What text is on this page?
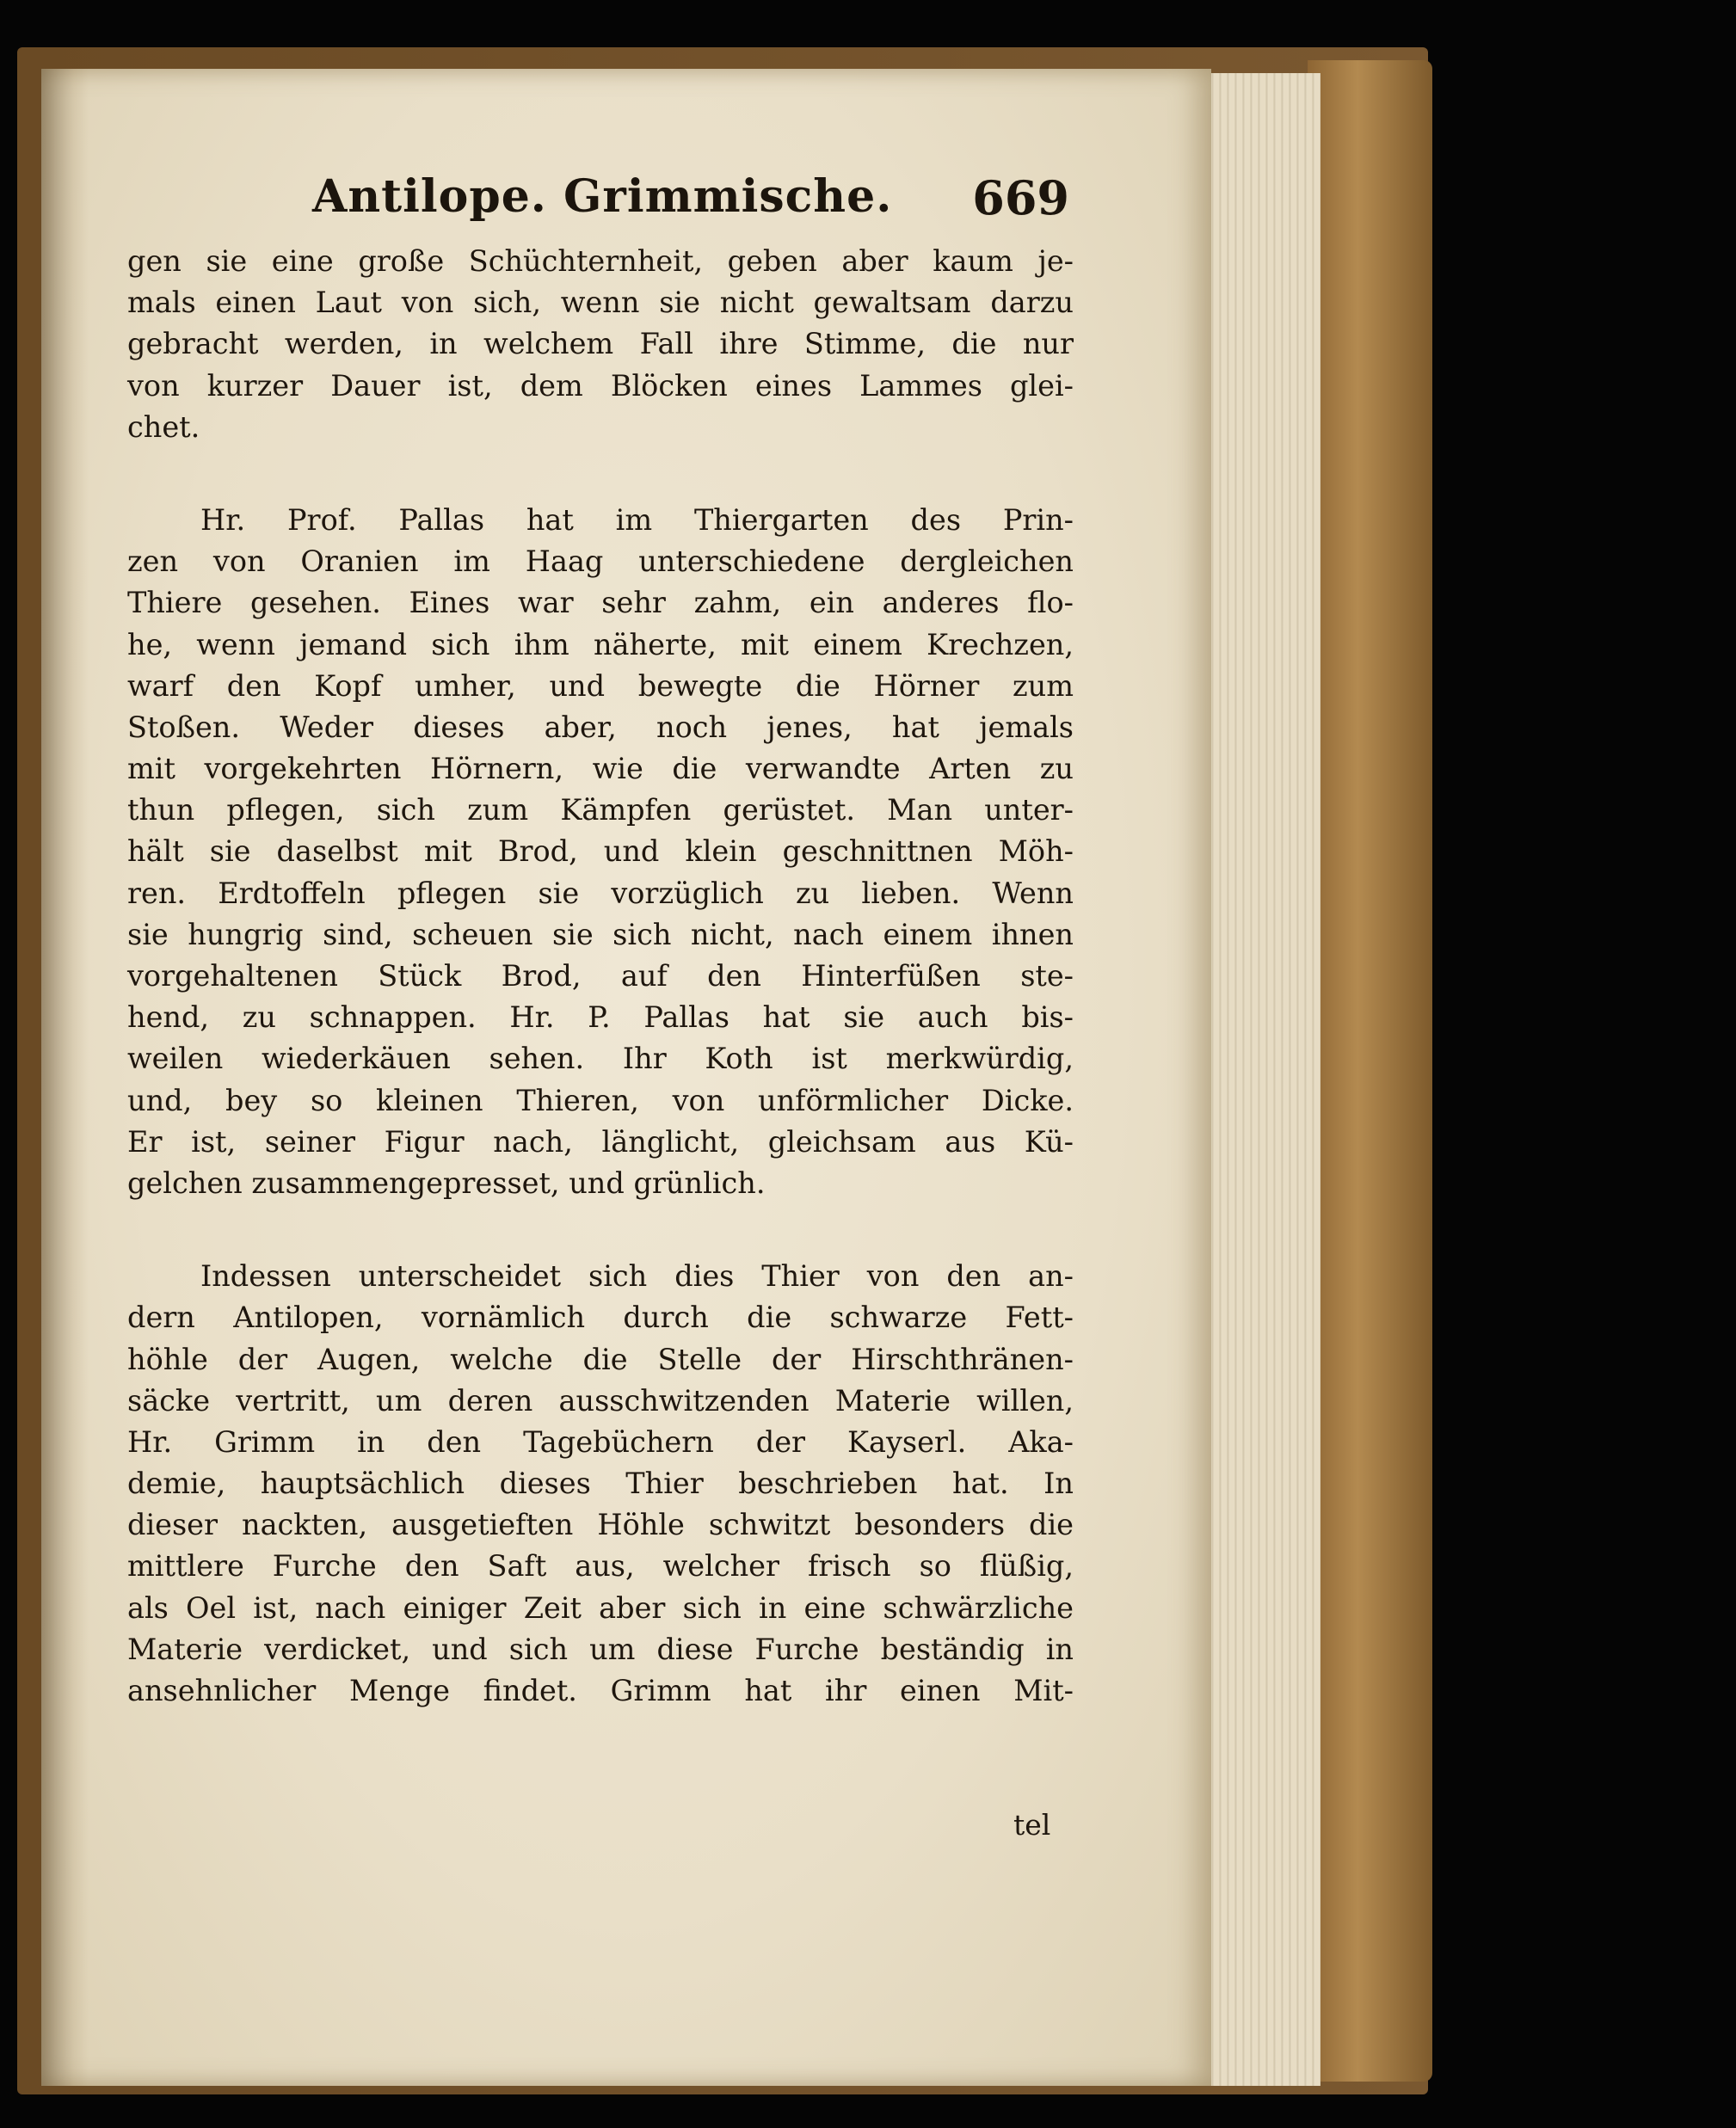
Antilope. Grimmische. 669
gen sie eine große Schüchternheit, geben aber kaum je-
mals einen Laut von sich, wenn sie nicht gewaltsam darzu
gebracht werden, in welchem Fall ihre Stimme, die nur
von kurzer Dauer ist, dem Blöcken eines Lammes glei-
chet.
Hr. Prof. Pallas hat im Thiergarten des Prin-
zen von Oranien im Haag unterschiedene dergleichen
Thiere gesehen. Eines war sehr zahm, ein anderes flo-
he, wenn jemand sich ihm näherte, mit einem Krechzen,
warf den Kopf umher, und bewegte die Hörner zum
Stoßen. Weder dieses aber, noch jenes, hat jemals
mit vorgekehrten Hörnern, wie die verwandte Arten zu
thun pflegen, sich zum Kämpfen gerüstet. Man unter-
hält sie daselbst mit Brod, und klein geschnittnen Möh-
ren. Erdtoffeln pflegen sie vorzüglich zu lieben. Wenn
sie hungrig sind, scheuen sie sich nicht, nach einem ihnen
vorgehaltenen Stück Brod, auf den Hinterfüßen ste-
hend, zu schnappen. Hr. P. Pallas hat sie auch bis-
weilen wiederkäuen sehen. Ihr Koth ist merkwürdig,
und, bey so kleinen Thieren, von unförmlicher Dicke.
Er ist, seiner Figur nach, länglicht, gleichsam aus Kü-
gelchen zusammengepresset, und grünlich.
Indessen unterscheidet sich dies Thier von den an-
dern Antilopen, vornämlich durch die schwarze Fett-
höhle der Augen, welche die Stelle der Hirschthränen-
säcke vertritt, um deren ausschwitzenden Materie willen,
Hr. Grimm in den Tagebüchern der Kayserl. Aka-
demie, hauptsächlich dieses Thier beschrieben hat. In
dieser nackten, ausgetieften Höhle schwitzt besonders die
mittlere Furche den Saft aus, welcher frisch so flüßig,
als Oel ist, nach einiger Zeit aber sich in eine schwärzliche
Materie verdicket, und sich um diese Furche beständig in
ansehnlicher Menge findet. Grimm hat ihr einen Mit-
tel
